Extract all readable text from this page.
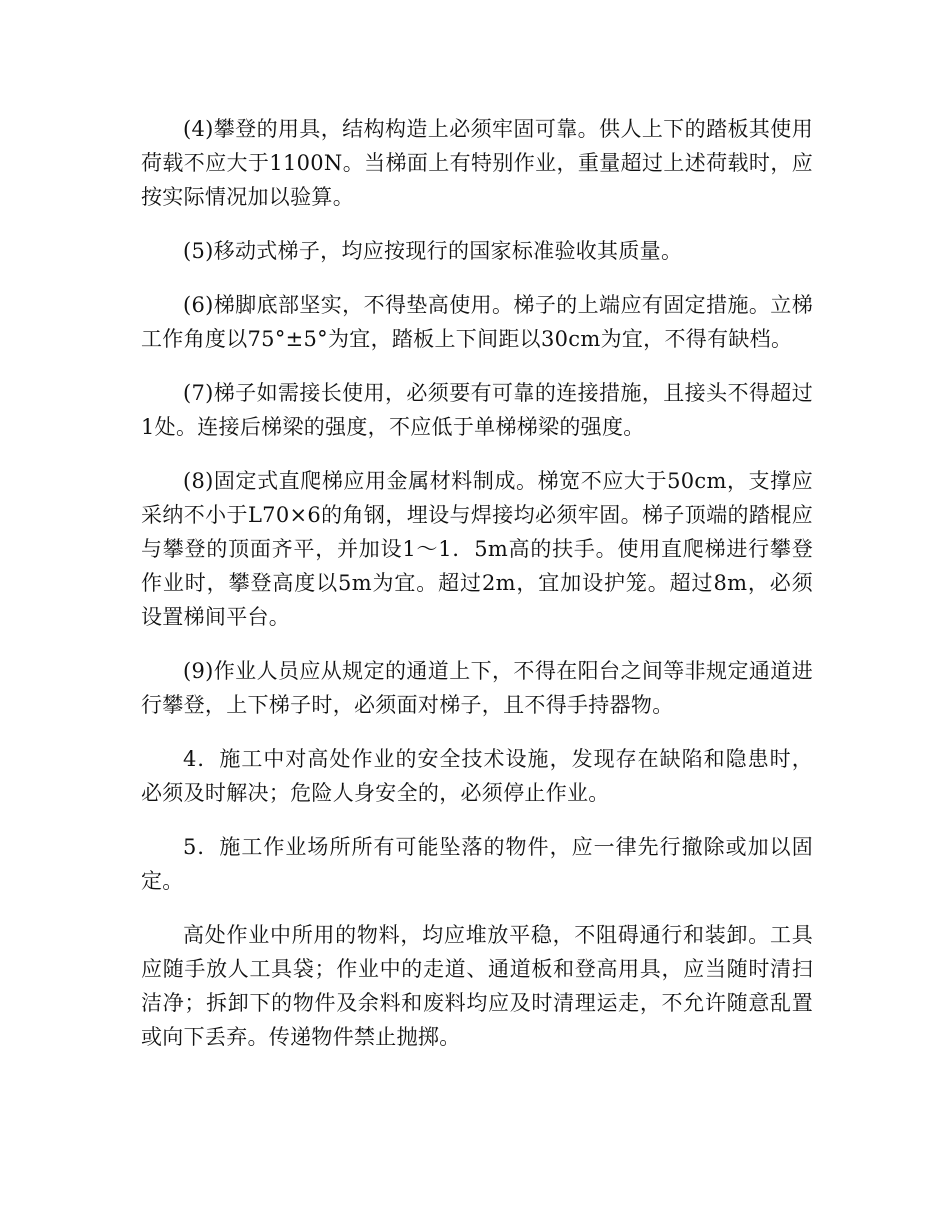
(4)攀登的用具，结构构造上必须牢固可靠。供人上下的踏板其使用荷载不应大于1100N。当梯面上有特别作业，重量超过上述荷载时，应按实际情况加以验算。

(5)移动式梯子，均应按现行的国家标准验收其质量。

(6)梯脚底部坚实，不得垫高使用。梯子的上端应有固定措施。立梯工作角度以75°±5°为宜，踏板上下间距以30cm为宜，不得有缺档。

(7)梯子如需接长使用，必须要有可靠的连接措施，且接头不得超过1处。连接后梯梁的强度，不应低于单梯梯梁的强度。

(8)固定式直爬梯应用金属材料制成。梯宽不应大于50cm，支撑应采纳不小于L70×6的角钢，埋设与焊接均必须牢固。梯子顶端的踏棍应与攀登的顶面齐平，并加设1～1．5m高的扶手。使用直爬梯进行攀登作业时，攀登高度以5m为宜。超过2m，宜加设护笼。超过8m，必须设置梯间平台。

(9)作业人员应从规定的通道上下，不得在阳台之间等非规定通道进行攀登，上下梯子时，必须面对梯子，且不得手持器物。

4．施工中对高处作业的安全技术设施，发现存在缺陷和隐患时，必须及时解决；危险人身安全的，必须停止作业。

5．施工作业场所所有可能坠落的物件，应一律先行撤除或加以固定。

高处作业中所用的物料，均应堆放平稳，不阻碍通行和装卸。工具应随手放人工具袋；作业中的走道、通道板和登高用具，应当随时清扫洁净；拆卸下的物件及余料和废料均应及时清理运走，不允许随意乱置或向下丢弃。传递物件禁止抛掷。
